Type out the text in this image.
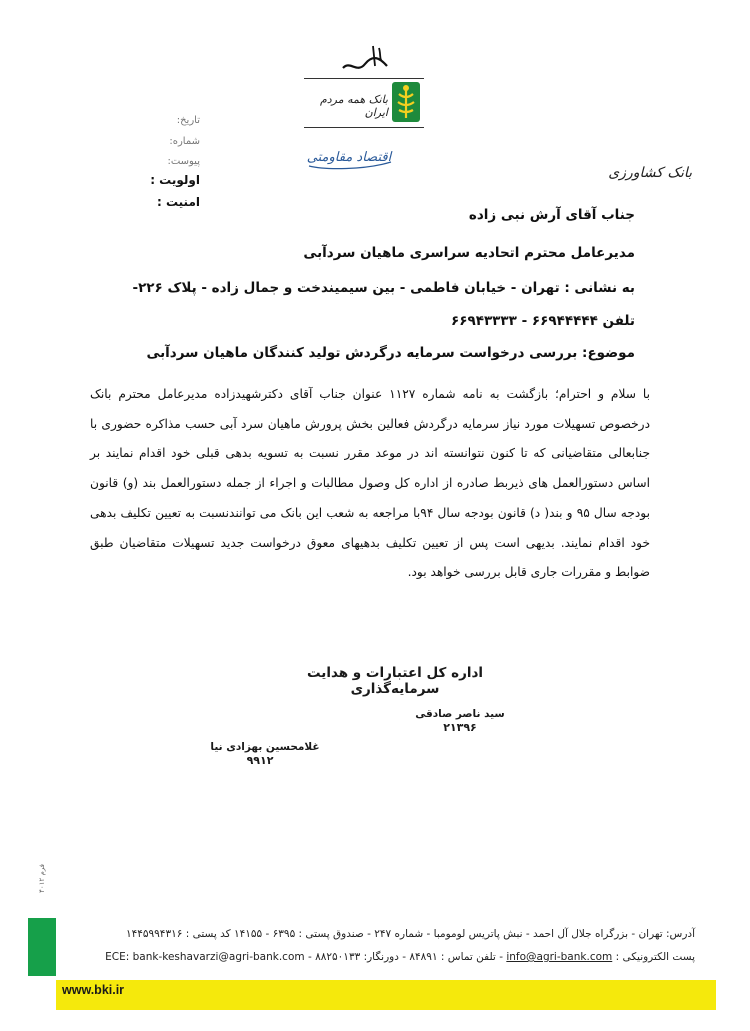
بانک همه مردم ایران
اقتصاد مقاومتی
بانک کشاورزی
تاریخ:
شماره:
پیوست:
اولویت :
امنیت :
جناب آقای آرش نبی زاده
مدیرعامل محترم اتحادیه سراسری ماهیان سردآبی
به نشانی : تهران - خیابان فاطمی - بین سیمیندخت و جمال زاده - پلاک ۲۲۶-
تلفن ۶۶۹۴۴۴۴۴ - ۶۶۹۴۳۳۳۳
موضوع: بررسی درخواست سرمایه درگردش تولید کنندگان ماهیان سردآبی

با سلام و احترام؛ بازگشت به نامه شماره ۱۱۲۷ عنوان جناب آقای دکترشهیدزاده مدیرعامل محترم بانک درخصوص تسهیلات مورد نیاز سرمایه درگردش فعالین بخش پرورش ماهیان سرد آبی حسب مذاکره حضوری با جنابعالی متقاضیانی که تا کنون نتوانسته اند در موعد مقرر نسبت به تسویه بدهی قبلی خود اقدام نمایند بر اساس دستورالعمل های ذیربط صادره از اداره کل وصول مطالبات و اجراء از جمله دستورالعمل بند (و) قانون بودجه سال ۹۵ و بند( د) قانون بودجه سال ۹۴با مراجعه به شعب این بانک می توانندنسبت به تعیین تکلیف بدهی خود اقدام نمایند. بدیهی است پس از تعیین تکلیف بدهیهای معوق درخواست جدید تسهیلات متقاضیان طبق ضوابط و مقررات جاری قابل بررسی خواهد بود.

اداره کل اعتبارات و هدایت سرمایه‌گذاری
سید ناصر صادقی
۲۱۳۹۶
غلامحسین بهزادی نیا
۹۹۱۲
فرم ۴۰۱۲
آدرس: تهران - بزرگراه جلال آل احمد - نبش پاتریس لومومبا - شماره ۲۴۷ - صندوق پستی : ۶۳۹۵ - ۱۴۱۵۵ کد پستی : ۱۴۴۵۹۹۴۳۱۶
پست الکترونیکی : info@agri-bank.com - تلفن تماس : ۸۴۸۹۱ - دورنگار: ۸۸۲۵۰۱۳۳ - ECE: bank-keshavarzi@agri-bank.com
www.bki.ir
